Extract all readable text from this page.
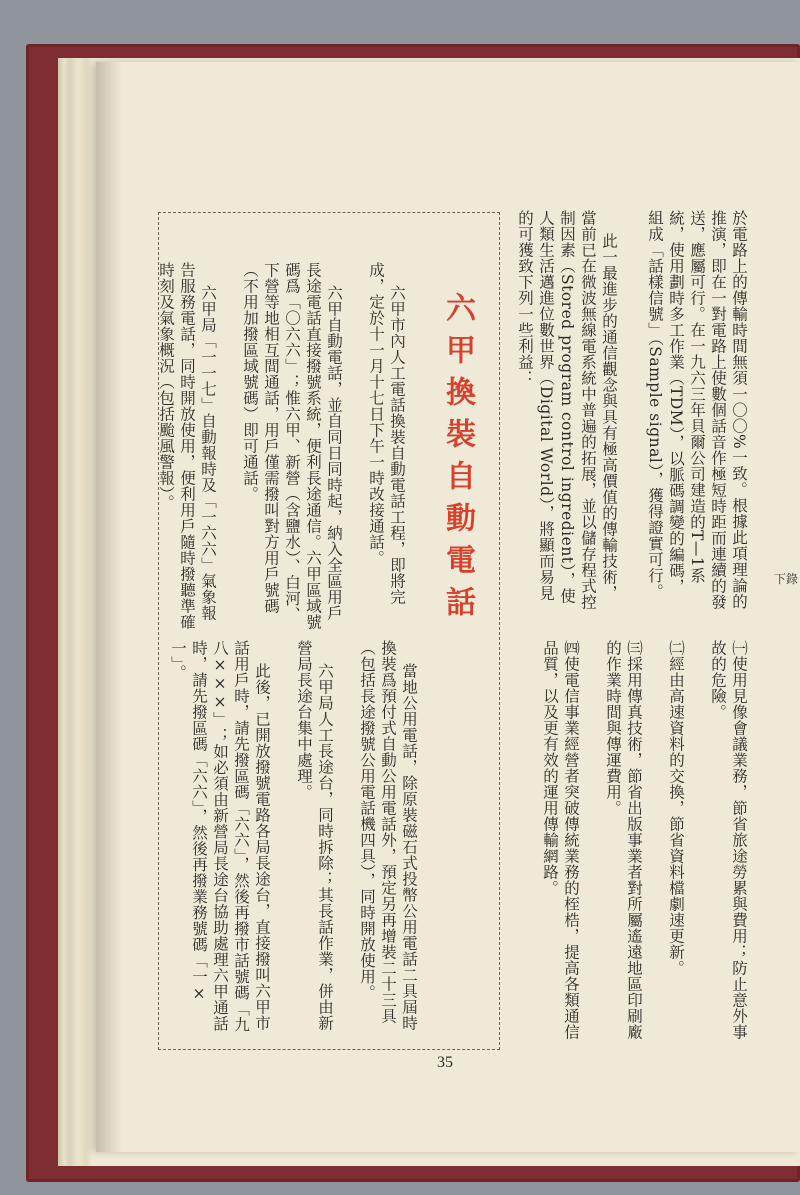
於電路上的傳輸時間無須一〇〇%一致。根據此項理論的推演，即在一對電路上使數個話音作極短時距而連續的發送，應屬可行。在一九六三年貝爾公司建造的T—1系統，使用劃時多工作業（TDM），以脈碼調變的編碼，組成「話樣信號」（Sample signal），獲得證實可行。

此一最進步的通信觀念與具有極高價值的傳輸技術，當前已在微波無線電系統中普遍的拓展，並以儲存程式控制因素（Stored program control ingredient），使人類生活邁進位數世界（Digital World），將顯而易見的可獲致下列一些利益：

㈠使用見像會議業務，節省旅途勞累與費用；防止意外事故的危險。

㈡經由高速資料的交換，節省資料檔劇速更新。

㈢採用傳真技術，節省出版事業者對所屬遙遠地區印刷廠的作業時間與傳運費用。

㈣使電信事業經營者突破傳統業務的桎梏，提高各類通信品質，以及更有效的運用傳輸網路。

六甲換裝自動電話

六甲市內人工電話換裝自動電話工程，即將完成，定於十一月十七日下午一時改接通話。

六甲自動電話，並自同日同時起，納入全區用戶長途電話直接撥號系統，便利長途通信。六甲區域號碼爲「〇六六」；惟六甲、新營（含鹽水）、白河、下營等地相互間通話，用戶僅需撥叫對方用戶號碼（不用加撥區域號碼）即可通話。

六甲局「一一七」自動報時及「一六六」氣象報告服務電話，同時開放使用，便利用戶隨時撥聽準確時刻及氣象概況（包括颱風警報）。

當地公用電話，除原裝磁石式投幣公用電話二具屆時換裝爲預付式自動公用電話外，預定另再增裝二十三具（包括長途撥號公用電話機四具），同時開放使用。

六甲局人工長途台，同時拆除；其長話作業，併由新營局長途台集中處理。

此後，已開放撥號電路各局長途台，直接撥叫六甲市話用戶時，請先撥區碼「六六」，然後再撥市話號碼「九八×××」；如必須由新營局長途台協助處理六甲通話時，請先撥區碼「六六」，然後再撥業務號碼「一×一」。

35
下錄
